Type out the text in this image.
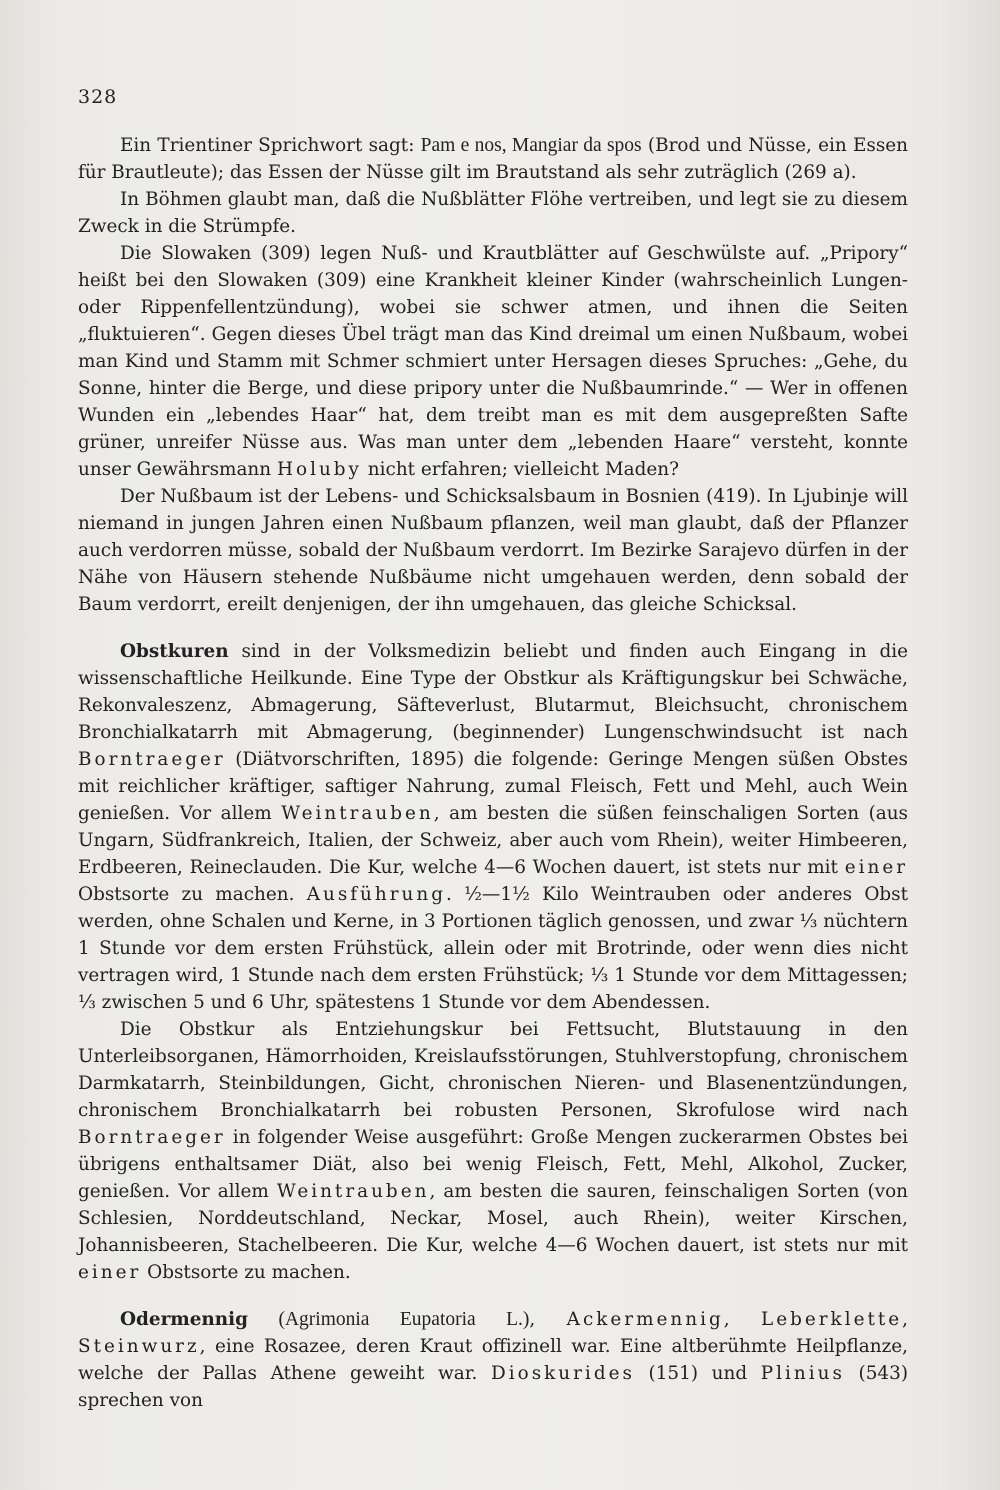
328

Ein Trientiner Sprichwort sagt: Pam e nos, Mangiar da spos (Brod und Nüsse, ein Essen für Brautleute); das Essen der Nüsse gilt im Brautstand als sehr zuträglich (269 a).

In Böhmen glaubt man, daß die Nußblätter Flöhe vertreiben, und legt sie zu diesem Zweck in die Strümpfe.

Die Slowaken (309) legen Nuß- und Krautblätter auf Geschwülste auf. „Pripory“ heißt bei den Slowaken (309) eine Krankheit kleiner Kinder (wahrscheinlich Lungen- oder Rippenfellentzündung), wobei sie schwer atmen, und ihnen die Seiten „fluktuieren“. Gegen dieses Übel trägt man das Kind dreimal um einen Nußbaum, wobei man Kind und Stamm mit Schmer schmiert unter Hersagen dieses Spruches: „Gehe, du Sonne, hinter die Berge, und diese pripory unter die Nußbaumrinde.“ — Wer in offenen Wunden ein „lebendes Haar“ hat, dem treibt man es mit dem ausgepreßten Safte grüner, unreifer Nüsse aus. Was man unter dem „lebenden Haare“ versteht, konnte unser Gewährsmann Holuby nicht erfahren; vielleicht Maden?

Der Nußbaum ist der Lebens- und Schicksalsbaum in Bosnien (419). In Ljubinje will niemand in jungen Jahren einen Nußbaum pflanzen, weil man glaubt, daß der Pflanzer auch verdorren müsse, sobald der Nußbaum verdorrt. Im Bezirke Sarajevo dürfen in der Nähe von Häusern stehende Nußbäume nicht umgehauen werden, denn sobald der Baum verdorrt, ereilt denjenigen, der ihn umgehauen, das gleiche Schicksal.

Obstkuren sind in der Volksmedizin beliebt und finden auch Eingang in die wissenschaftliche Heilkunde. Eine Type der Obstkur als Kräftigungskur bei Schwäche, Rekonvaleszenz, Abmagerung, Säfteverlust, Blutarmut, Bleichsucht, chronischem Bronchialkatarrh mit Abmagerung, (beginnender) Lungenschwindsucht ist nach Borntraeger (Diätvorschriften, 1895) die folgende: Geringe Mengen süßen Obstes mit reichlicher kräftiger, saftiger Nahrung, zumal Fleisch, Fett und Mehl, auch Wein genießen. Vor allem Weintrauben, am besten die süßen feinschaligen Sorten (aus Ungarn, Südfrankreich, Italien, der Schweiz, aber auch vom Rhein), weiter Himbeeren, Erdbeeren, Reineclauden. Die Kur, welche 4—6 Wochen dauert, ist stets nur mit einer Obstsorte zu machen. Ausführung. ½—1½ Kilo Weintrauben oder anderes Obst werden, ohne Schalen und Kerne, in 3 Portionen täglich genossen, und zwar ⅓ nüchtern 1 Stunde vor dem ersten Frühstück, allein oder mit Brotrinde, oder wenn dies nicht vertragen wird, 1 Stunde nach dem ersten Frühstück; ⅓ 1 Stunde vor dem Mittagessen; ⅓ zwischen 5 und 6 Uhr, spätestens 1 Stunde vor dem Abendessen.

Die Obstkur als Entziehungskur bei Fettsucht, Blutstauung in den Unterleibsorganen, Hämorrhoiden, Kreislaufsstörungen, Stuhlverstopfung, chronischem Darmkatarrh, Steinbildungen, Gicht, chronischen Nieren- und Blasenentzündungen, chronischem Bronchialkatarrh bei robusten Personen, Skrofulose wird nach Borntraeger in folgender Weise ausgeführt: Große Mengen zuckerarmen Obstes bei übrigens enthaltsamer Diät, also bei wenig Fleisch, Fett, Mehl, Alkohol, Zucker, genießen. Vor allem Weintrauben, am besten die sauren, feinschaligen Sorten (von Schlesien, Norddeutschland, Neckar, Mosel, auch Rhein), weiter Kirschen, Johannisbeeren, Stachelbeeren. Die Kur, welche 4—6 Wochen dauert, ist stets nur mit einer Obstsorte zu machen.

Odermennig (Agrimonia Eupatoria L.), Ackermennig, Leberklette, Steinwurz, eine Rosazee, deren Kraut offizinell war. Eine altberühmte Heilpflanze, welche der Pallas Athene geweiht war. Dioskurides (151) und Plinius (543) sprechen von
